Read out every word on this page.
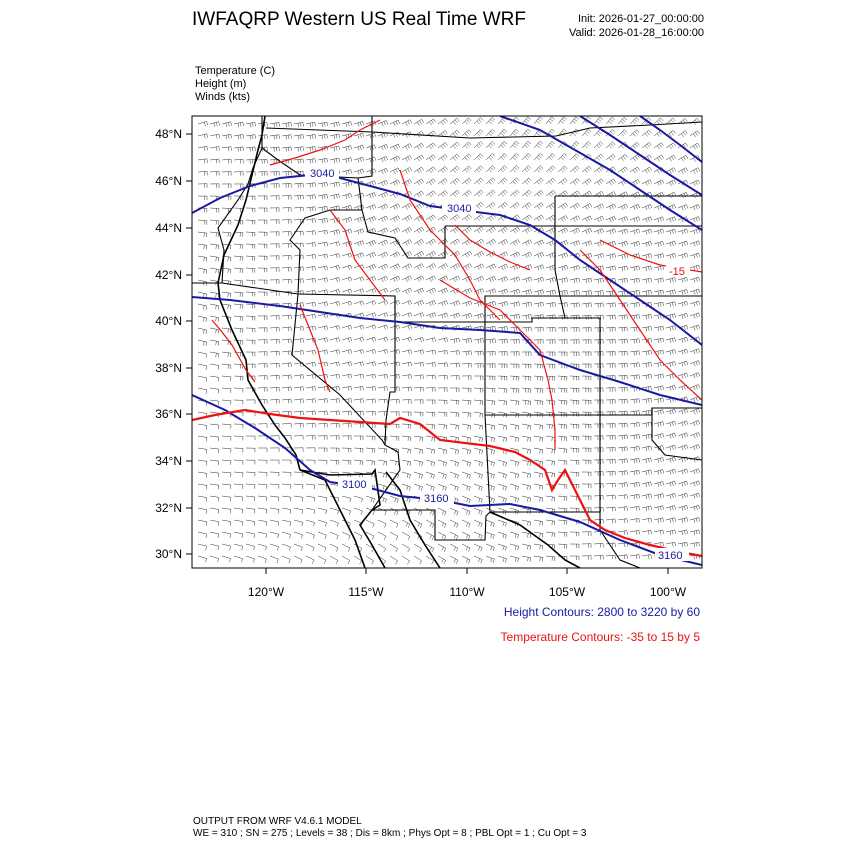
IWFAQRP Western US Real Time WRF	Init: 2026-01-27_00:00:00
Valid: 2026-01-28_16:00:00
Temperature (C)
Height (m)
Winds (kts)
3040
3040
3100
3160
3160
-15
48°N
46°N
44°N
42°N
40°N
38°N
36°N
34°N
32°N
30°N
120°W	115°W	110°W	105°W	100°W
Height Contours: 2800 to 3220 by 60
Temperature Contours: -35 to 15 by 5
OUTPUT FROM WRF V4.6.1 MODEL
WE = 310 ; SN = 275 ; Levels = 38 ; Dis = 8km ; Phys Opt = 8 ; PBL Opt = 1 ; Cu Opt = 3
